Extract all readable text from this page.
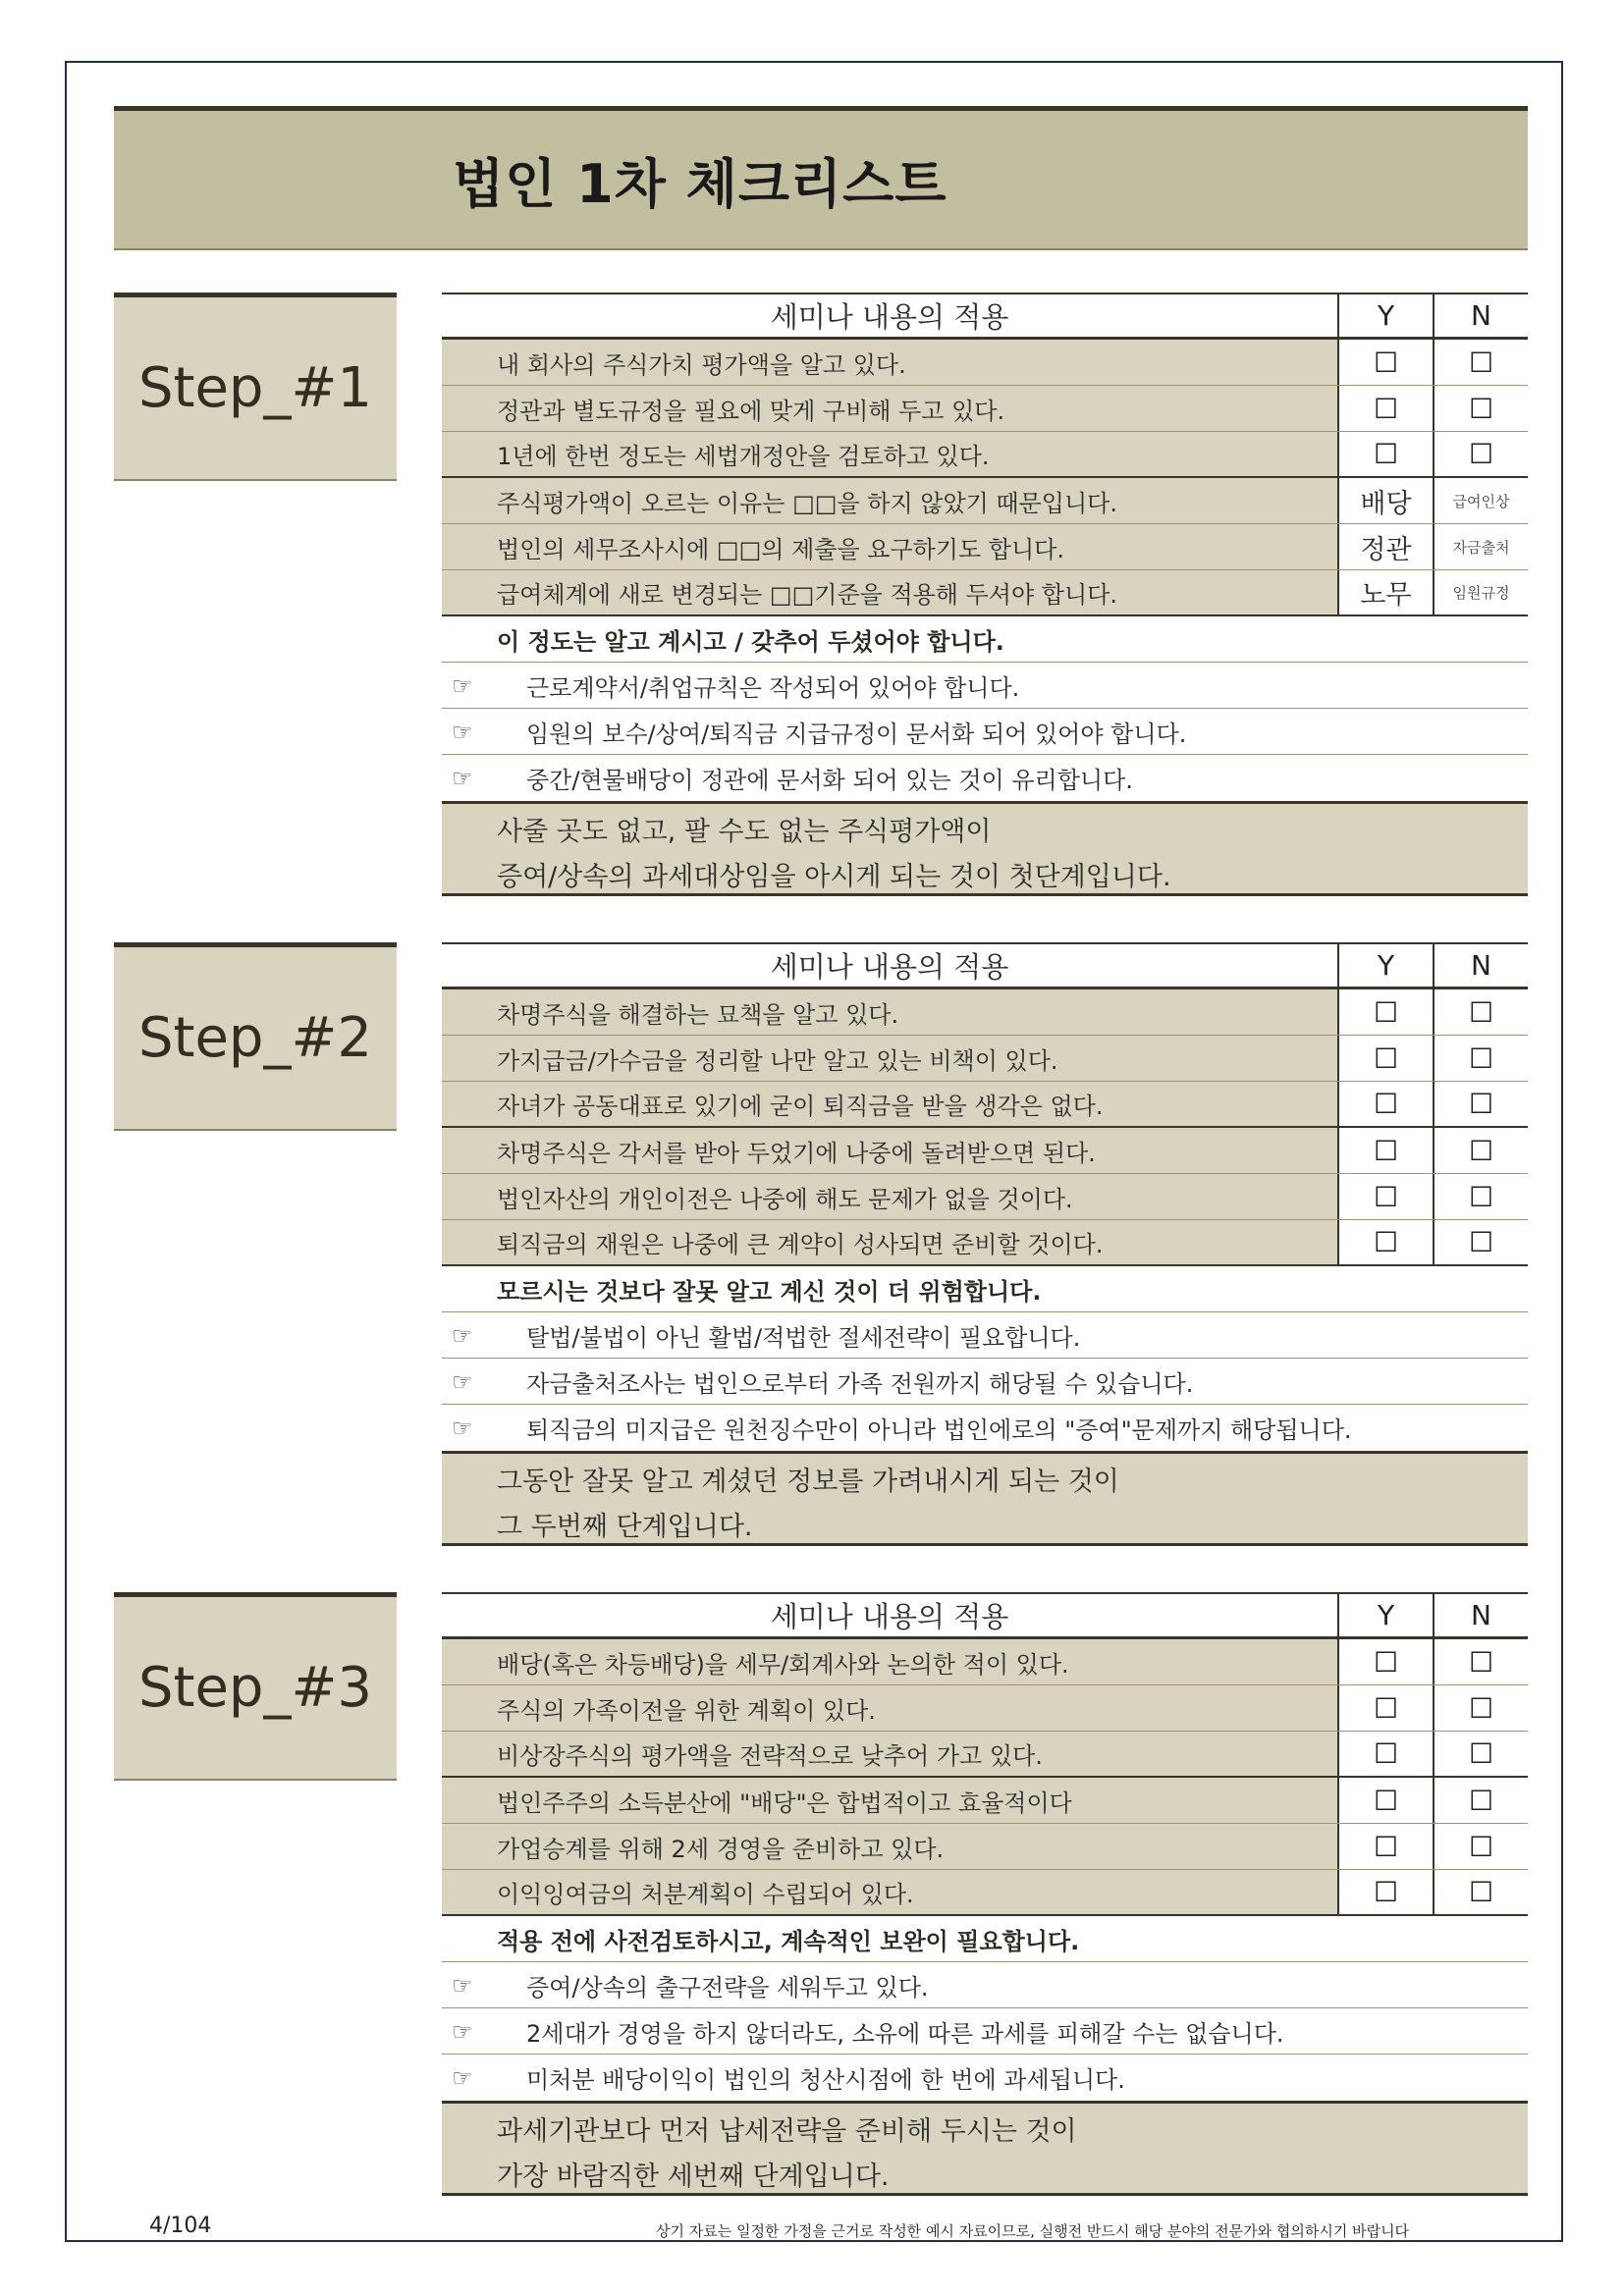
법인 1차 체크리스트
Step_#1
세미나 내용의 적용	Y	N
내 회사의 주식가치 평가액을 알고 있다.	☐	☐
정관과 별도규정을 필요에 맞게 구비해 두고 있다.	☐	☐
1년에 한번 정도는 세법개정안을 검토하고 있다.	☐	☐
주식평가액이 오르는 이유는 □□을 하지 않았기 때문입니다.	배당	급여인상
법인의 세무조사시에 □□의 제출을 요구하기도 합니다.	정관	자금출처
급여체계에 새로 변경되는 □□기준을 적용해 두셔야 합니다.	노무	임원규정
이 정도는 알고 계시고 / 갖추어 두셨어야 합니다.
☞	근로계약서/취업규칙은 작성되어 있어야 합니다.
☞	임원의 보수/상여/퇴직금 지급규정이 문서화 되어 있어야 합니다.
☞	중간/현물배당이 정관에 문서화 되어 있는 것이 유리합니다.
사줄 곳도 없고, 팔 수도 없는 주식평가액이
증여/상속의 과세대상임을 아시게 되는 것이 첫단계입니다.
Step_#2
세미나 내용의 적용	Y	N
차명주식을 해결하는 묘책을 알고 있다.	☐	☐
가지급금/가수금을 정리할 나만 알고 있는 비책이 있다.	☐	☐
자녀가 공동대표로 있기에 굳이 퇴직금을 받을 생각은 없다.	☐	☐
차명주식은 각서를 받아 두었기에 나중에 돌려받으면 된다.	☐	☐
법인자산의 개인이전은 나중에 해도 문제가 없을 것이다.	☐	☐
퇴직금의 재원은 나중에 큰 계약이 성사되면 준비할 것이다.	☐	☐
모르시는 것보다 잘못 알고 계신 것이 더 위험합니다.
☞	탈법/불법이 아닌 활법/적법한 절세전략이 필요합니다.
☞	자금출처조사는 법인으로부터 가족 전원까지 해당될 수 있습니다.
☞	퇴직금의 미지급은 원천징수만이 아니라 법인에로의 "증여"문제까지 해당됩니다.
그동안 잘못 알고 계셨던 정보를 가려내시게 되는 것이
그 두번째 단계입니다.
Step_#3
세미나 내용의 적용	Y	N
배당(혹은 차등배당)을 세무/회계사와 논의한 적이 있다.	☐	☐
주식의 가족이전을 위한 계획이 있다.	☐	☐
비상장주식의 평가액을 전략적으로 낮추어 가고 있다.	☐	☐
법인주주의 소득분산에 "배당"은 합법적이고 효율적이다	☐	☐
가업승계를 위해 2세 경영을 준비하고 있다.	☐	☐
이익잉여금의 처분계획이 수립되어 있다.	☐	☐
적용 전에 사전검토하시고, 계속적인 보완이 필요합니다.
☞	증여/상속의 출구전략을 세워두고 있다.
☞	2세대가 경영을 하지 않더라도, 소유에 따른 과세를 피해갈 수는 없습니다.
☞	미처분 배당이익이 법인의 청산시점에 한 번에 과세됩니다.
과세기관보다 먼저 납세전략을 준비해 두시는 것이
가장 바람직한 세번째 단계입니다.
4/104	상기 자료는 일정한 가정을 근거로 작성한 예시 자료이므로, 실행전 반드시 해당 분야의 전문가와 협의하시기 바랍니다
